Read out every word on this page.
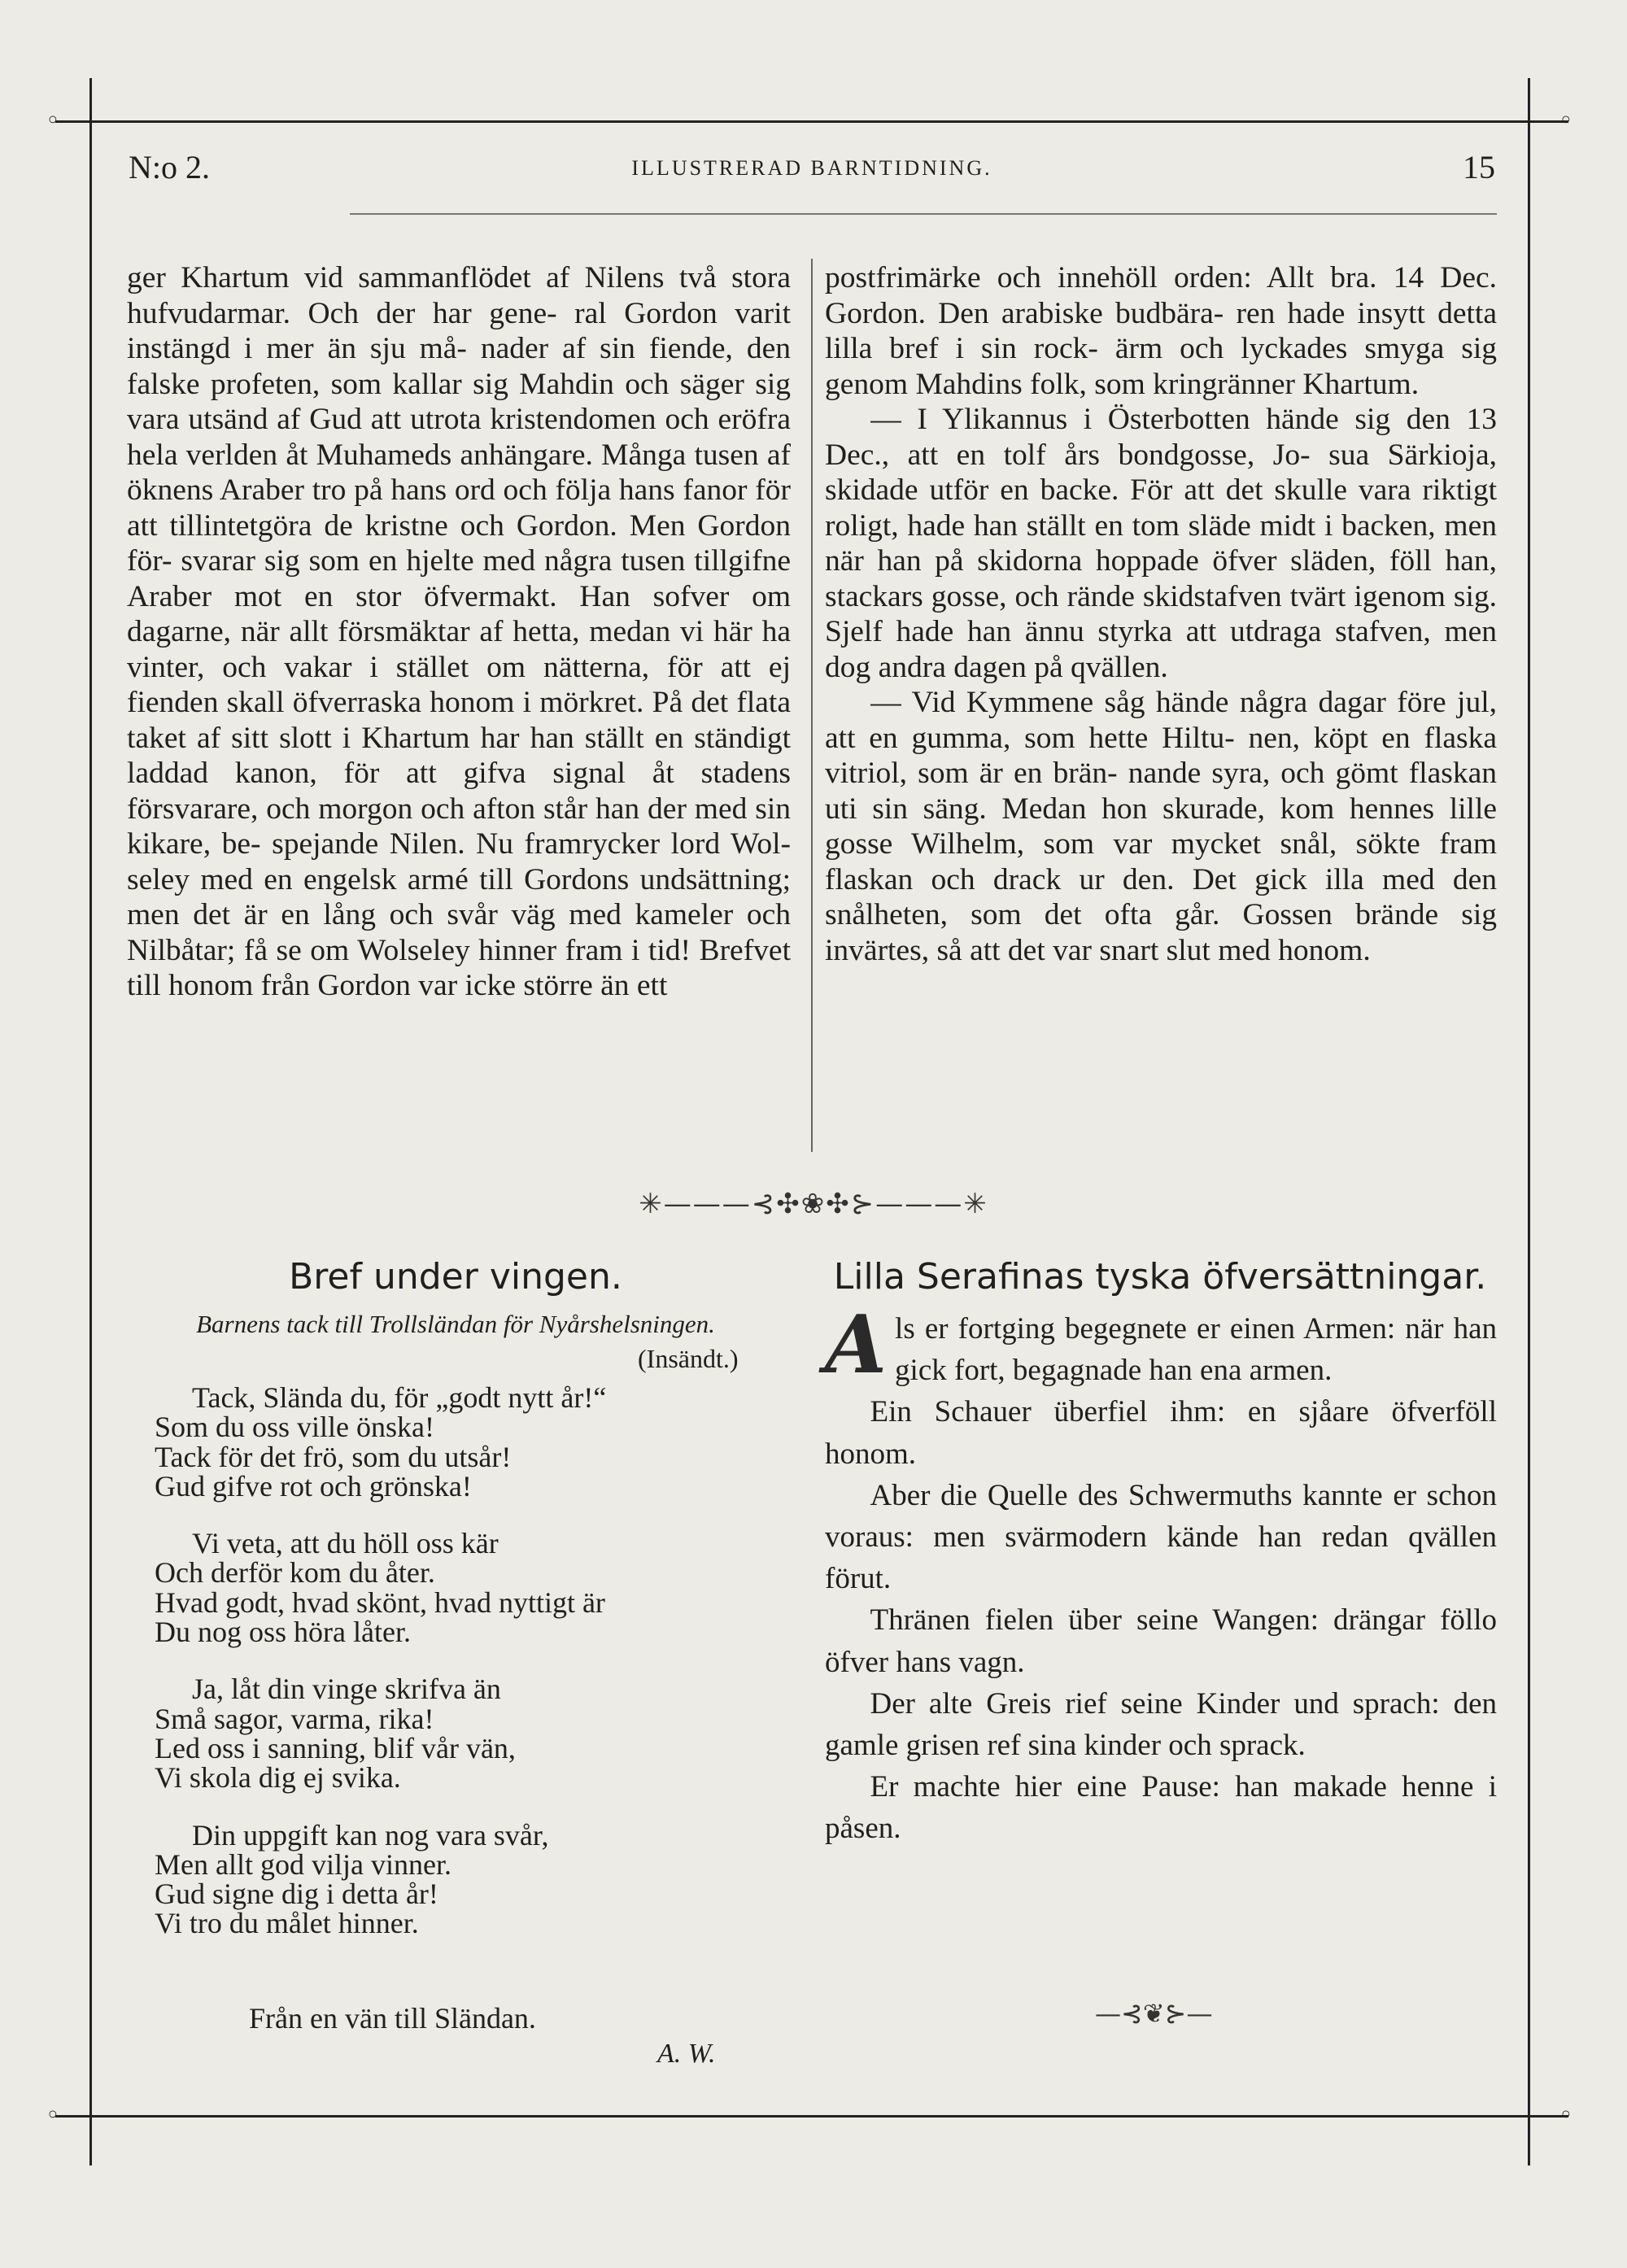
◦	◦
◦	◦
N:o 2.	ILLUSTRERAD BARNTIDNING.	15

ger Khartum vid sammanflödet af Nilens två stora hufvudarmar. Och der har gene- ral Gordon varit instängd i mer än sju må- nader af sin fiende, den falske profeten, som kallar sig Mahdin och säger sig vara utsänd af Gud att utrota kristendomen och eröfra hela verlden åt Muhameds anhängare. Många tusen af öknens Araber tro på hans ord och följa hans fanor för att tillintetgöra de kristne och Gordon. Men Gordon för- svarar sig som en hjelte med några tusen tillgifne Araber mot en stor öfvermakt. Han sofver om dagarne, när allt försmäktar af hetta, medan vi här ha vinter, och vakar i stället om nätterna, för att ej fienden skall öfverraska honom i mörkret. På det flata taket af sitt slott i Khartum har han ställt en ständigt laddad kanon, för att gifva signal åt stadens försvarare, och morgon och afton står han der med sin kikare, be- spejande Nilen. Nu framrycker lord Wol- seley med en engelsk armé till Gordons undsättning; men det är en lång och svår väg med kameler och Nilbåtar; få se om Wolseley hinner fram i tid! Brefvet till honom från Gordon var icke större än ett

postfrimärke och innehöll orden: Allt bra. 14 Dec. Gordon. Den arabiske budbära- ren hade insytt detta lilla bref i sin rock- ärm och lyckades smyga sig genom Mahdins folk, som kringränner Khartum.

— I Ylikannus i Österbotten hände sig den 13 Dec., att en tolf års bondgosse, Jo- sua Särkioja, skidade utför en backe. För att det skulle vara riktigt roligt, hade han ställt en tom släde midt i backen, men när han på skidorna hoppade öfver släden, föll han, stackars gosse, och rände skidstafven tvärt igenom sig. Sjelf hade han ännu styrka att utdraga stafven, men dog andra dagen på qvällen.

— Vid Kymmene såg hände några dagar före jul, att en gumma, som hette Hiltu- nen, köpt en flaska vitriol, som är en brän- nande syra, och gömt flaskan uti sin säng. Medan hon skurade, kom hennes lille gosse Wilhelm, som var mycket snål, sökte fram flaskan och drack ur den. Det gick illa med den snålheten, som det ofta går. Gossen brände sig invärtes, så att det var snart slut med honom.

✳———⊰✣❀✣⊱———✳
Bref under vingen.
Barnens tack till Trollsländan för Nyårshelsningen.
(Insändt.)
Tack, Slända du, för „godt nytt år!“
Som du oss ville önska!
Tack för det frö, som du utsår!
Gud gifve rot och grönska!
Vi veta, att du höll oss kär
Och derför kom du åter.
Hvad godt, hvad skönt, hvad nyttigt är
Du nog oss höra låter.
Ja, låt din vinge skrifva än
Små sagor, varma, rika!
Led oss i sanning, blif vår vän,
Vi skola dig ej svika.
Din uppgift kan nog vara svår,
Men allt god vilja vinner.
Gud signe dig i detta år!
Vi tro du målet hinner.
Från en vän till Sländan.
A. W.
Lilla Serafinas tyska öfversättningar.

Als er fortging begegnete er einen Armen: när han gick fort, begagnade han ena armen.

Ein Schauer überfiel ihm: en sjåare öfverföll honom.

Aber die Quelle des Schwermuths kannte er schon voraus: men svärmodern kände han redan qvällen förut.

Thränen fielen über seine Wangen: drängar föllo öfver hans vagn.

Der alte Greis rief seine Kinder und sprach: den gamle grisen ref sina kinder och sprack.

Er machte hier eine Pause: han makade henne i påsen.

—⊰❦⊱—
